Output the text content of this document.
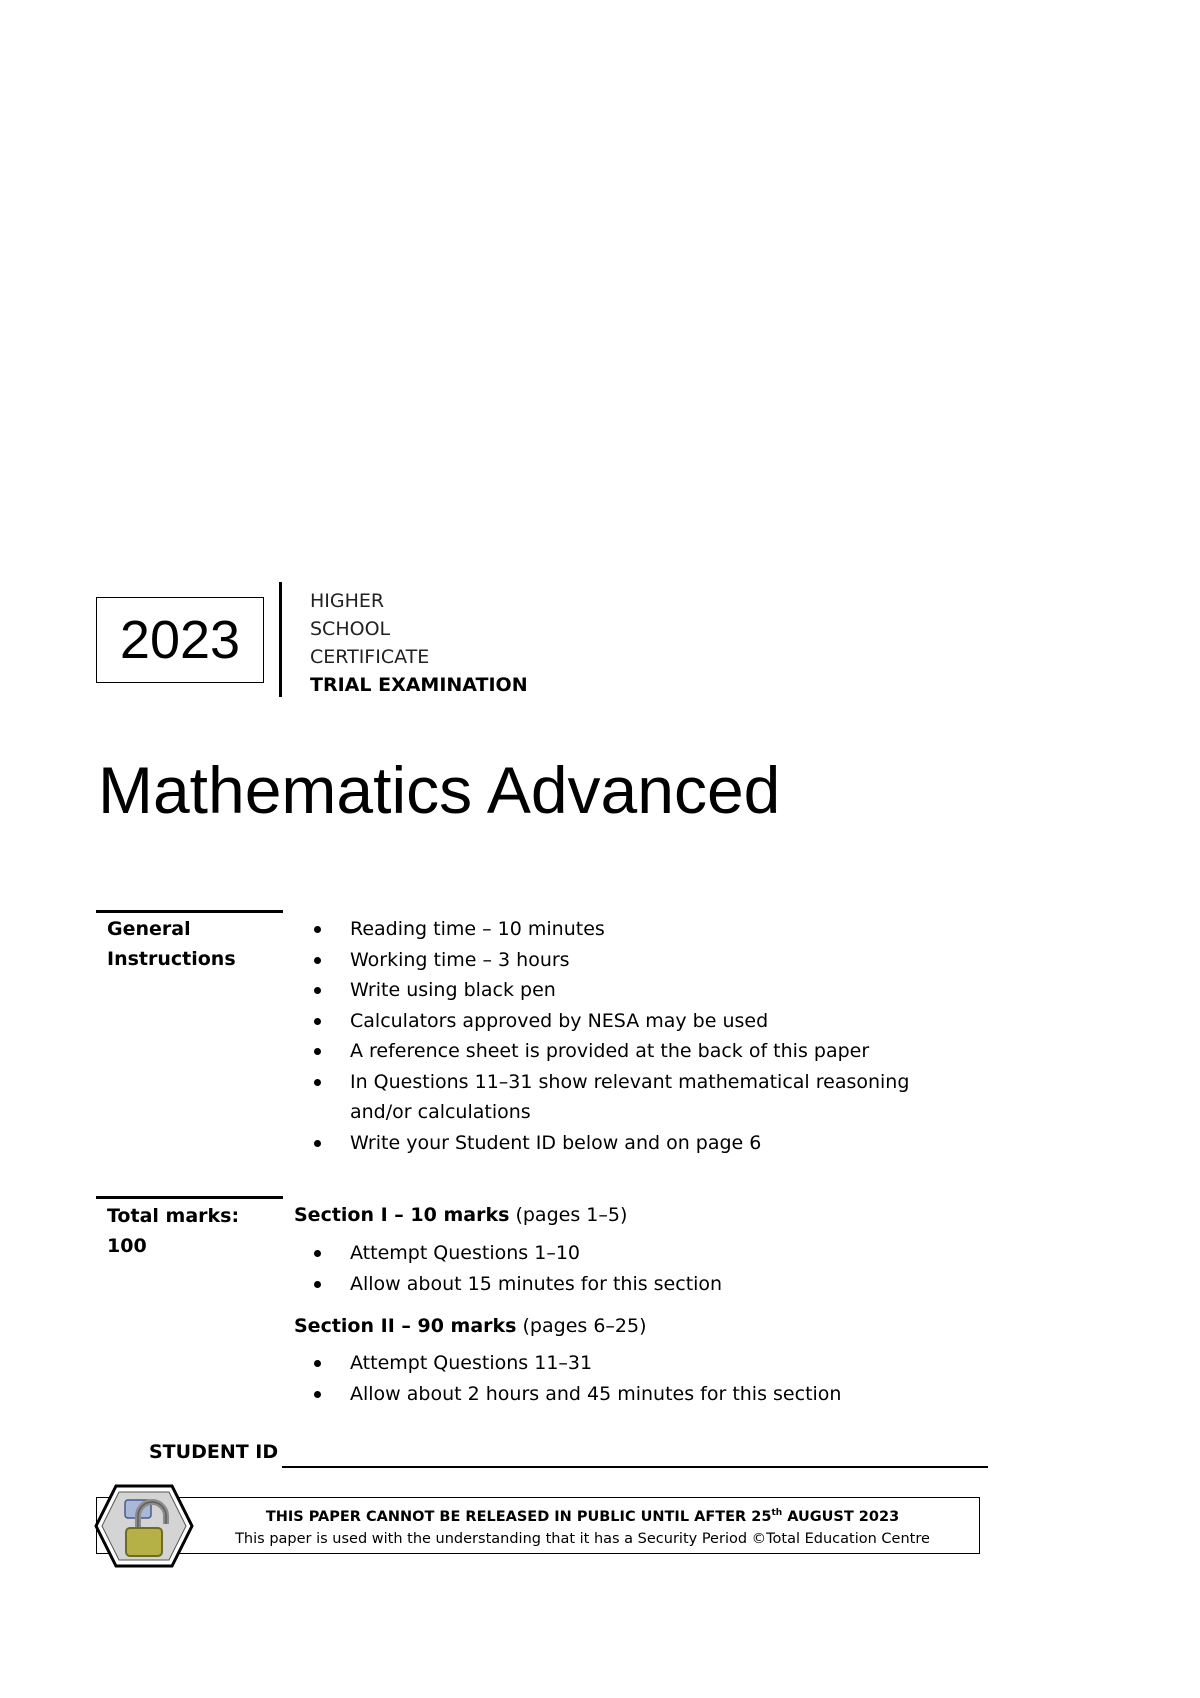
2023
HIGHER
SCHOOL
CERTIFICATE
TRIAL EXAMINATION
Mathematics Advanced
General
Instructions
Reading time – 10 minutes
Working time – 3 hours
Write using black pen
Calculators approved by NESA may be used
A reference sheet is provided at the back of this paper
In Questions 11–31 show relevant mathematical reasoning
and/or calculations
Write your Student ID below and on page 6
Total marks:
100
Section I – 10 marks (pages 1–5)
Attempt Questions 1–10
Allow about 15 minutes for this section
Section II – 90 marks (pages 6–25)
Attempt Questions 11–31
Allow about 2 hours and 45 minutes for this section
STUDENT ID
THIS PAPER CANNOT BE RELEASED IN PUBLIC UNTIL AFTER 25th AUGUST 2023
This paper is used with the understanding that it has a Security Period ©Total Education Centre
